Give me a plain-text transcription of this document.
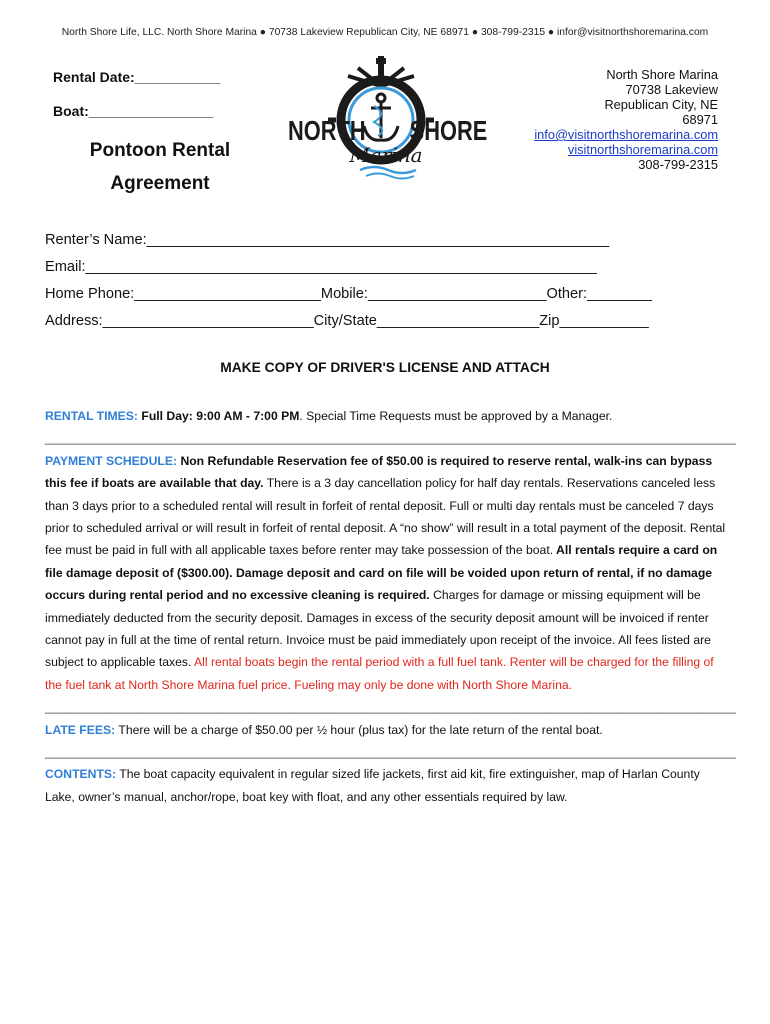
North Shore Life, LLC. North Shore Marina ● 70738 Lakeview Republican City, NE 68971 ● 308-799-2315 ● infor@visitnorthshoremarina.com
Rental Date:___________
Boat:________________
Pontoon Rental
Agreement
Marina
NORTH SHORE
North Shore Marina
70738 Lakeview
Republican City, NE
68971
info@visitnorthshoremarina.com
visitnorthshoremarina.com
308-799-2315
Renter’s Name:_________________________________________________________
Email:_______________________________________________________________
Home Phone:_______________________Mobile:______________________Other:________
Address:__________________________City/State____________________Zip___________
MAKE COPY OF DRIVER'S LICENSE AND ATTACH

RENTAL TIMES: Full Day: 9:00 AM - 7:00 PM. Special Time Requests must be approved by a Manager.

_________________________________________________________________________________________________________

PAYMENT SCHEDULE: Non Refundable Reservation fee of $50.00 is required to reserve rental, walk-ins can bypass this fee if boats are available that day. There is a 3 day cancellation policy for half day rentals. Reservations canceled less than 3 days prior to a scheduled rental will result in forfeit of rental deposit. Full or multi day rentals must be canceled 7 days prior to scheduled arrival or will result in forfeit of rental deposit. A “no show” will result in a total payment of the deposit. Rental fee must be paid in full with all applicable taxes before renter may take possession of the boat. All rentals require a card on file damage deposit of ($300.00). Damage deposit and card on file will be voided upon return of rental, if no damage occurs during rental period and no excessive cleaning is required. Charges for damage or missing equipment will be immediately deducted from the security deposit. Damages in excess of the security deposit amount will be invoiced if renter cannot pay in full at the time of rental return. Invoice must be paid immediately upon receipt of the invoice. All fees listed are subject to applicable taxes. All rental boats begin the rental period with a full fuel tank. Renter will be charged for the filling of the fuel tank at North Shore Marina fuel price. Fueling may only be done with North Shore Marina.

_________________________________________________________________________________________________________

LATE FEES: There will be a charge of $50.00 per ½ hour (plus tax) for the late return of the rental boat.

_________________________________________________________________________________________________________

CONTENTS: The boat capacity equivalent in regular sized life jackets, first aid kit, fire extinguisher, map of Harlan County Lake, owner’s manual, anchor/rope, boat key with float, and any other essentials required by law.
